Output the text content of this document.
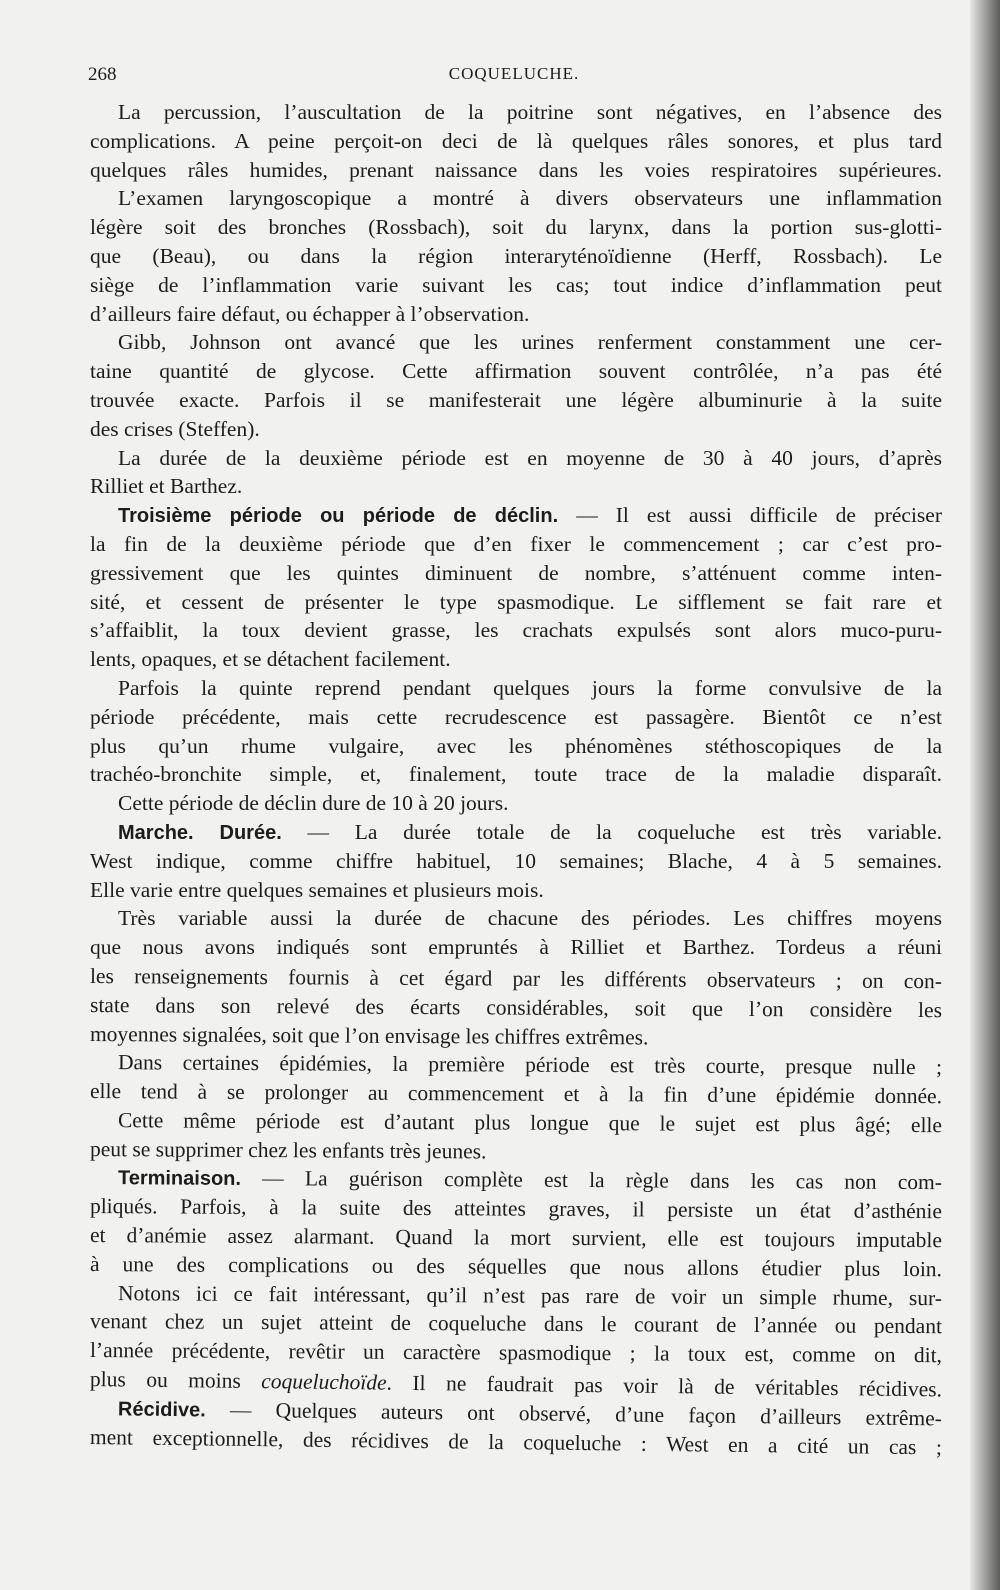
268	COQUELUCHE.
La percussion, l’auscultation de la poitrine sont négatives, en l’absence des
complications. A peine perçoit-on deci de là quelques râles sonores, et plus tard
quelques râles humides, prenant naissance dans les voies respiratoires supérieures.
L’examen laryngoscopique a montré à divers observateurs une inflammation
légère soit des bronches (Rossbach), soit du larynx, dans la portion sus-glotti-
que (Beau), ou dans la région interaryténoïdienne (Herff, Rossbach). Le
siège de l’inflammation varie suivant les cas; tout indice d’inflammation peut
d’ailleurs faire défaut, ou échapper à l’observation.
Gibb, Johnson ont avancé que les urines renferment constamment une cer-
taine quantité de glycose. Cette affirmation souvent contrôlée, n’a pas été
trouvée exacte. Parfois il se manifesterait une légère albuminurie à la suite
des crises (Steffen).
La durée de la deuxième période est en moyenne de 30 à 40 jours, d’après
Rilliet et Barthez.
Troisième période ou période de déclin. — Il est aussi difficile de préciser
la fin de la deuxième période que d’en fixer le commencement ; car c’est pro-
gressivement que les quintes diminuent de nombre, s’atténuent comme inten-
sité, et cessent de présenter le type spasmodique. Le sifflement se fait rare et
s’affaiblit, la toux devient grasse, les crachats expulsés sont alors muco-puru-
lents, opaques, et se détachent facilement.
Parfois la quinte reprend pendant quelques jours la forme convulsive de la
période précédente, mais cette recrudescence est passagère. Bientôt ce n’est
plus qu’un rhume vulgaire, avec les phénomènes stéthoscopiques de la
trachéo-bronchite simple, et, finalement, toute trace de la maladie disparaît.
Cette période de déclin dure de 10 à 20 jours.
Marche. Durée. — La durée totale de la coqueluche est très variable.
West indique, comme chiffre habituel, 10 semaines; Blache, 4 à 5 semaines.
Elle varie entre quelques semaines et plusieurs mois.
Très variable aussi la durée de chacune des périodes. Les chiffres moyens
que nous avons indiqués sont empruntés à Rilliet et Barthez. Tordeus a réuni
les renseignements fournis à cet égard par les différents observateurs ; on con-
state dans son relevé des écarts considérables, soit que l’on considère les
moyennes signalées, soit que l’on envisage les chiffres extrêmes.
Dans certaines épidémies, la première période est très courte, presque nulle ;
elle tend à se prolonger au commencement et à la fin d’une épidémie donnée.
Cette même période est d’autant plus longue que le sujet est plus âgé; elle
peut se supprimer chez les enfants très jeunes.
Terminaison. — La guérison complète est la règle dans les cas non com-
pliqués. Parfois, à la suite des atteintes graves, il persiste un état d’asthénie
et d’anémie assez alarmant. Quand la mort survient, elle est toujours imputable
à une des complications ou des séquelles que nous allons étudier plus loin.
Notons ici ce fait intéressant, qu’il n’est pas rare de voir un simple rhume, sur-
venant chez un sujet atteint de coqueluche dans le courant de l’année ou pendant
l’année précédente, revêtir un caractère spasmodique ; la toux est, comme on dit,
plus ou moins coqueluchoïde. Il ne faudrait pas voir là de véritables récidives.
Récidive. — Quelques auteurs ont observé, d’une façon d’ailleurs extrême-
ment exceptionnelle, des récidives de la coqueluche : West en a cité un cas ;
